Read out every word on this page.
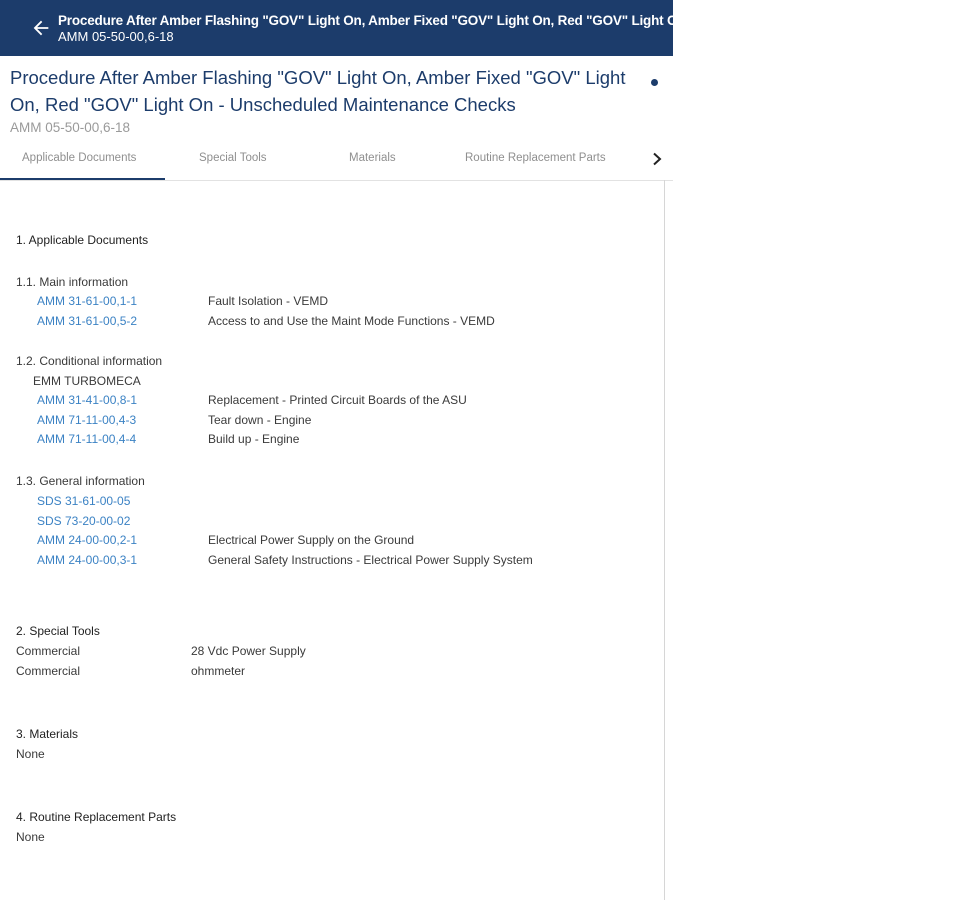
Procedure After Amber Flashing "GOV" Light On, Amber Fixed "GOV" Light On, Red "GOV" Light On - Unscheduled Maintenance Checks
AMM 05-50-00,6-18
Procedure After Amber Flashing "GOV" Light On, Amber Fixed "GOV" Light On, Red "GOV" Light On - Unscheduled Maintenance Checks
AMM 05-50-00,6-18
Applicable Documents	Special Tools	Materials	Routine Replacement Parts
1. Applicable Documents
1.1. Main information
AMM 31-61-00,1-1	Fault Isolation - VEMD
AMM 31-61-00,5-2	Access to and Use the Maint Mode Functions - VEMD
1.2. Conditional information
EMM TURBOMECA
AMM 31-41-00,8-1	Replacement - Printed Circuit Boards of the ASU
AMM 71-11-00,4-3	Tear down - Engine
AMM 71-11-00,4-4	Build up - Engine
1.3. General information
SDS 31-61-00-05
SDS 73-20-00-02
AMM 24-00-00,2-1	Electrical Power Supply on the Ground
AMM 24-00-00,3-1	General Safety Instructions - Electrical Power Supply System
2. Special Tools
Commercial	28 Vdc Power Supply
Commercial	ohmmeter
3. Materials
None
4. Routine Replacement Parts
None
